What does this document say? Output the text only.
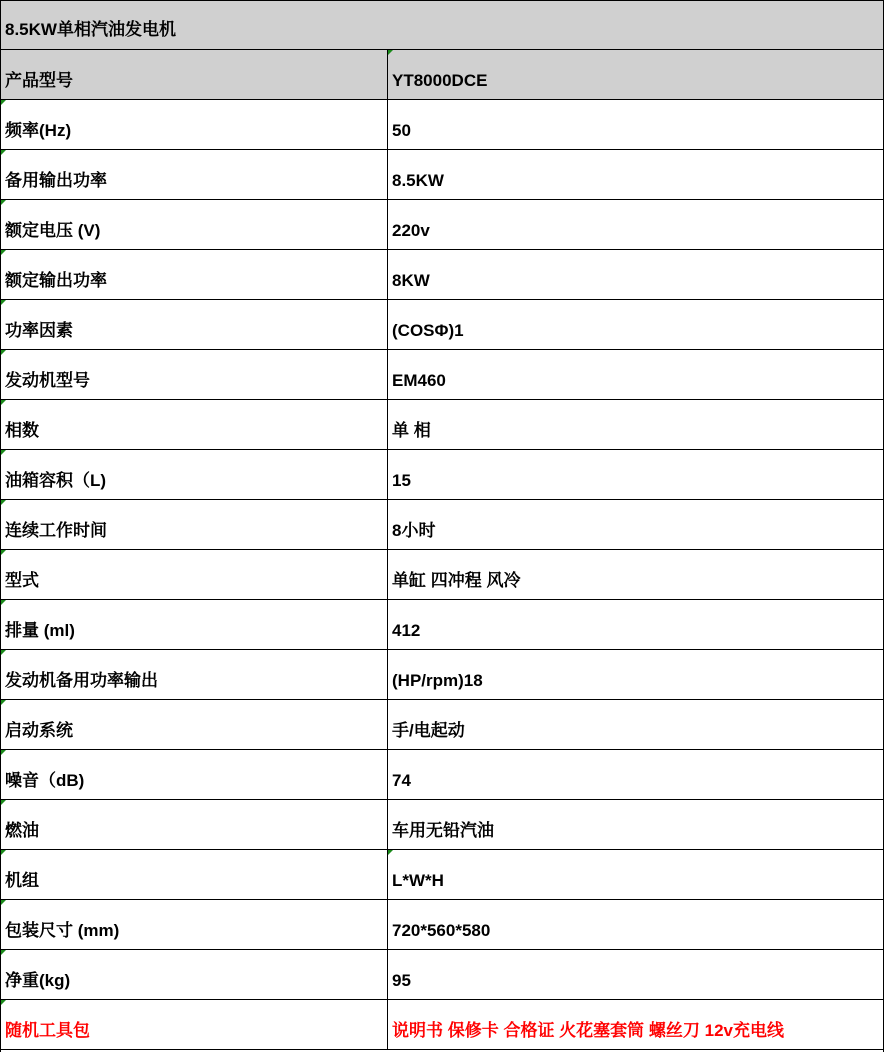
8.5KW单相汽油发电机
产品型号	YT8000DCE
频率(Hz)	50
备用输出功率	8.5KW
额定电压 (V)	220v
额定输出功率	8KW
功率因素	(COSΦ)1
发动机型号	EM460
相数	单 相
油箱容积（L)	15
连续工作时间	8小时
型式	单缸 四冲程 风冷
排量 (ml)	412
发动机备用功率输出	(HP/rpm)18
启动系统	手/电起动
噪音（dB)	74
燃油	车用无铅汽油
机组	L*W*H
包装尺寸 (mm)	720*560*580
净重(kg)	95
随机工具包	说明书 保修卡 合格证 火花塞套筒 螺丝刀 12v充电线
